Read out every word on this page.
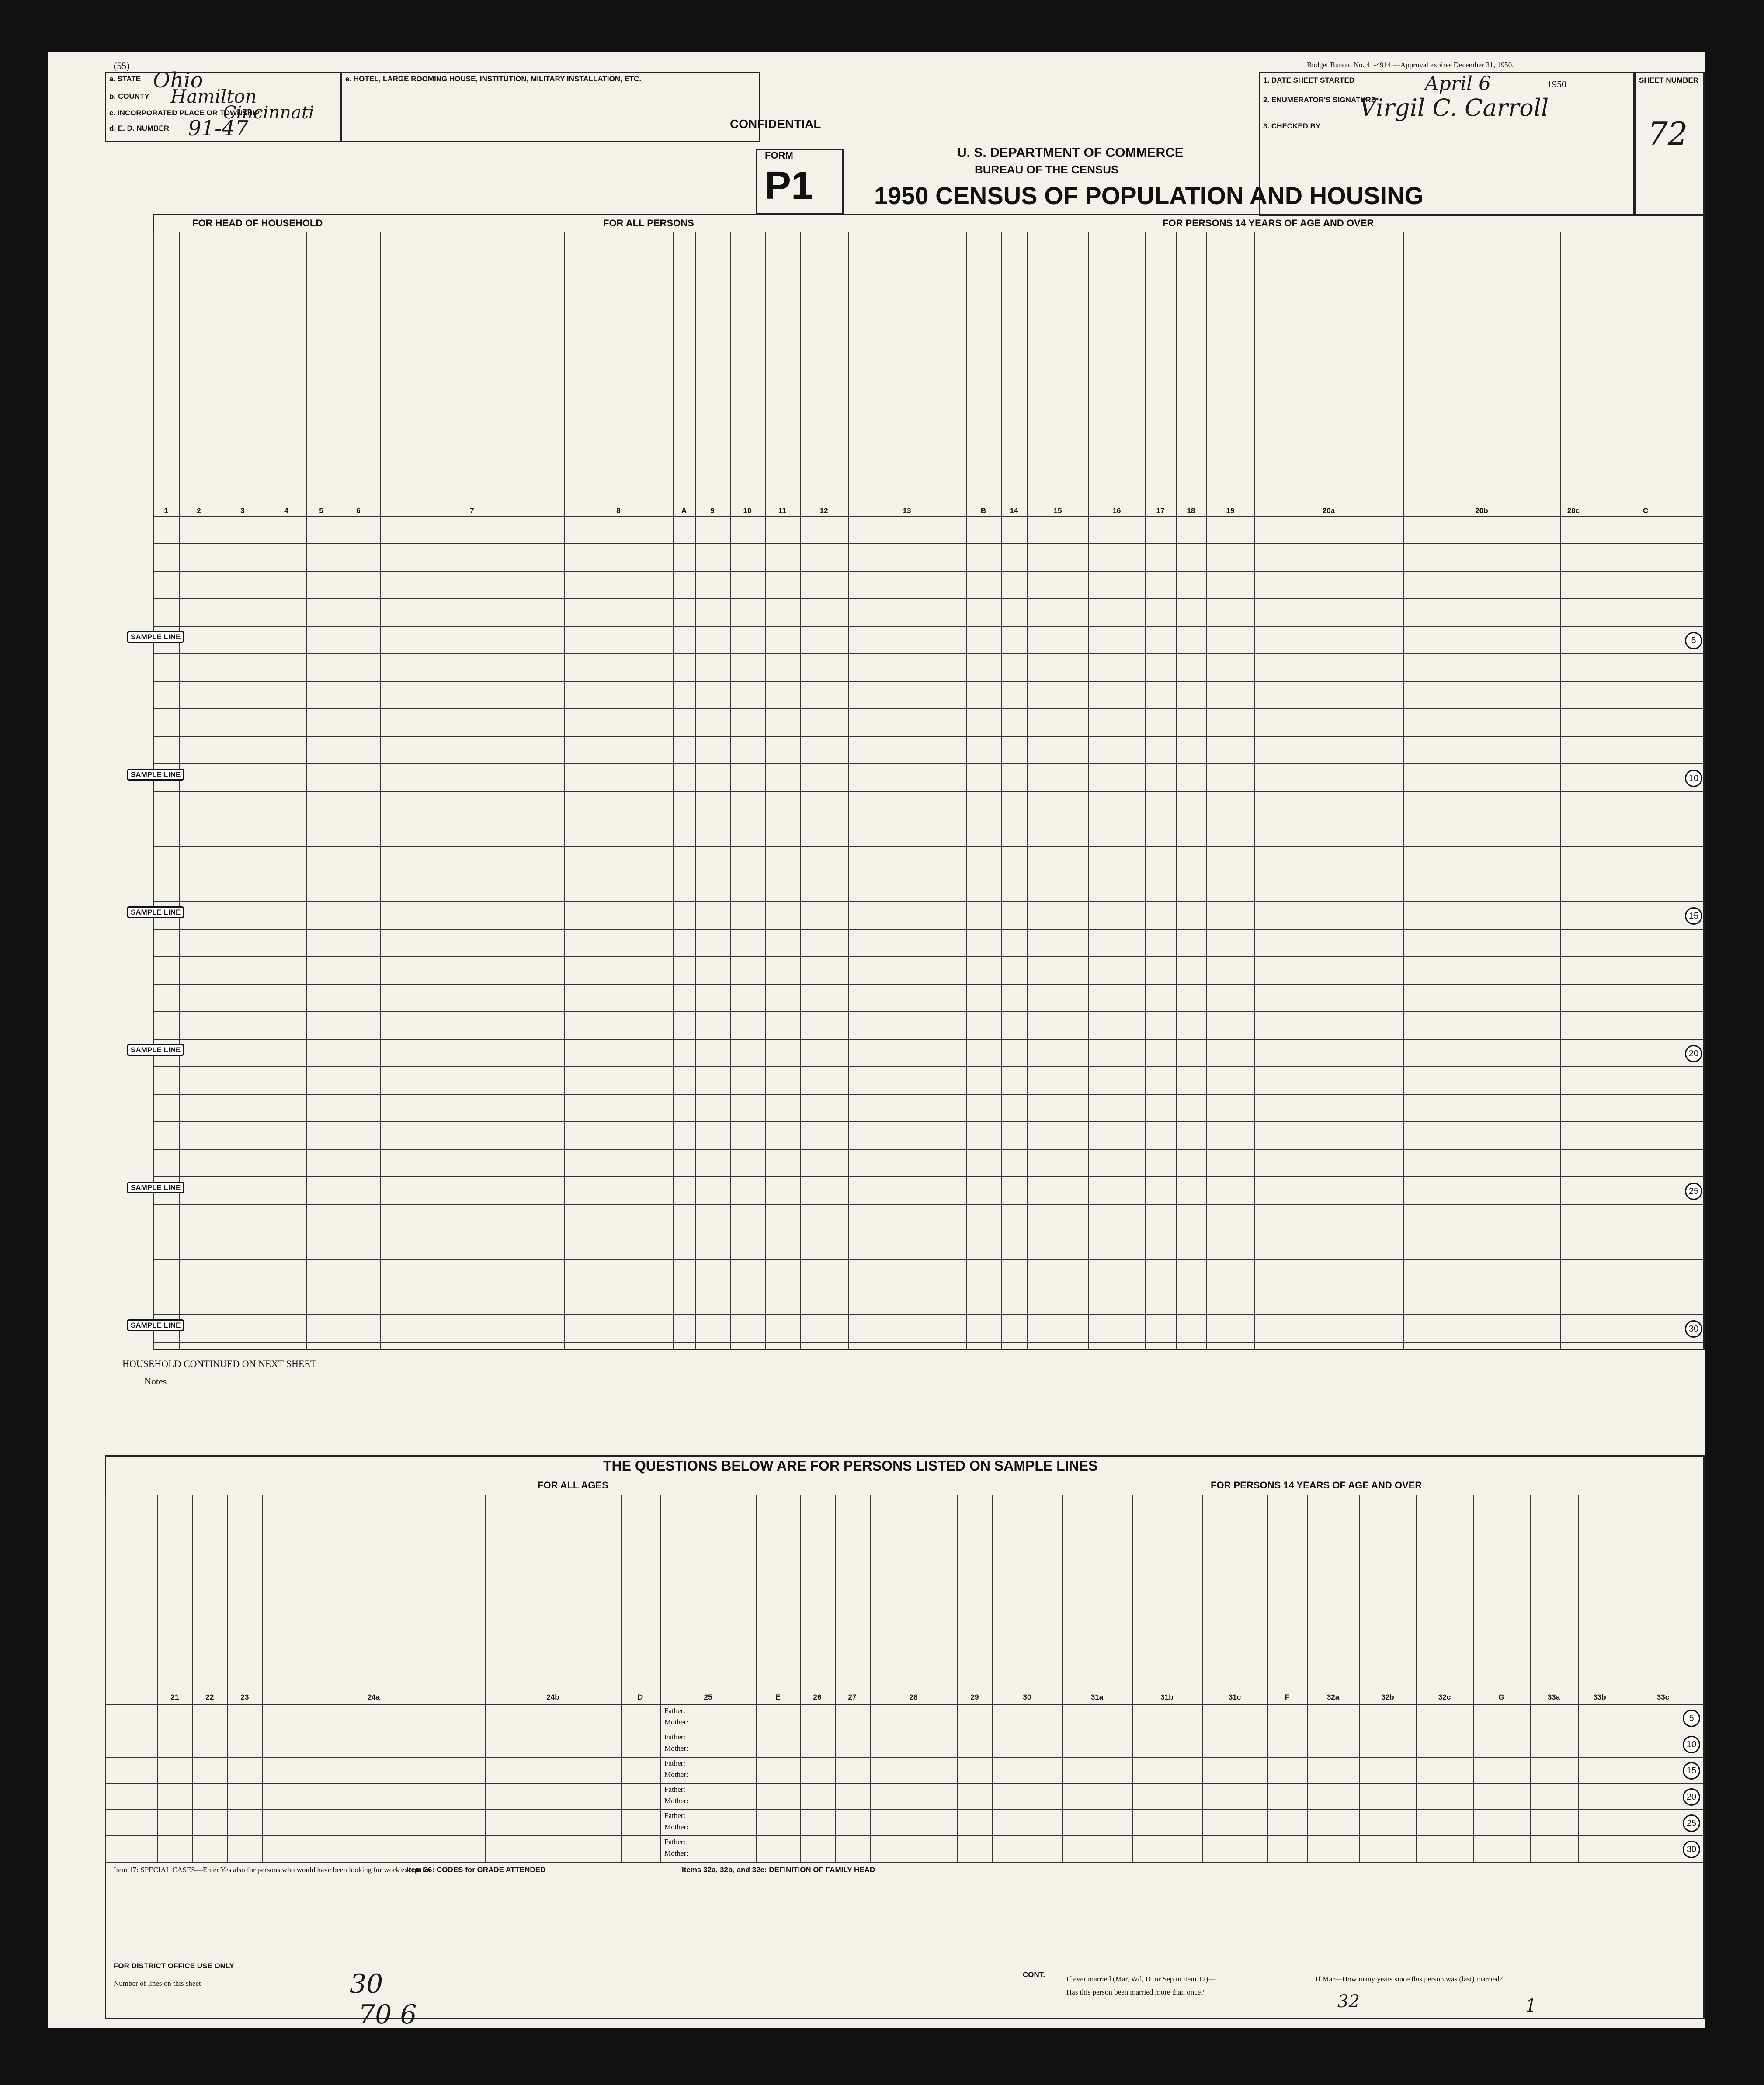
(55)	Budget Bureau No. 41-4914.—Approval expires December 31, 1950.
a. STATE Ohio
b. COUNTY Hamilton
c. INCORPORATED PLACE OR TOWNSHIP
Cincinnati
d. E. D. NUMBER 91-47
e. HOTEL, LARGE ROOMING HOUSE, INSTITUTION, MILITARY INSTALLATION, ETC.
CONFIDENTIAL
FORM
P1
U. S. DEPARTMENT OF COMMERCE
BUREAU OF THE CENSUS
1950 CENSUS OF POPULATION AND HOUSING
1. DATE SHEET STARTED	April 6	1950
2. ENUMERATOR'S SIGNATURE
Virgil C. Carroll
3. CHECKED BY
SHEET NUMBER
72
FOR HEAD OF HOUSEHOLD	FOR ALL PERSONS	FOR PERSONS 14 YEARS OF AGE AND OVER
HOUSEHOLD CONTINUED ON NEXT SHEET
Notes
THE QUESTIONS BELOW ARE FOR PERSONS LISTED ON SAMPLE LINES
FOR ALL AGES	FOR PERSONS 14 YEARS OF AGE AND OVER
Item 17: SPECIAL CASES—Enter Yes also for persons who would have been looking for work except for
Item 26: CODES for GRADE ATTENDED	Items 32a, 32b, and 32c: DEFINITION OF FAMILY HEAD
FOR DISTRICT OFFICE USE ONLY
Number of lines on this sheet	30
70 6
CONT.
If ever married (Mar, Wd, D, or Sep in item 12)—
Has this person been married more than once?
If Mar—How many years since this person was (last) married?
32	1
1	2	3	4	5	6	7	8	A	9	10	11	12	13	B	14	15	16	17	18	19	20a	20b	20c	C
5
SAMPLE LINE
10
SAMPLE LINE
15
SAMPLE LINE
20
SAMPLE LINE
25
SAMPLE LINE
30
SAMPLE LINE
21	22	23	24a	24b	D	25	E	26	27	28	29	30	31a	31b	31c	F	32a	32b	32c	G	33a	33b	33c
Father:
Mother:	5
Father:
Mother:	10
Father:
Mother:	15
Father:
Mother:	20
Father:
Mother:	25
Father:
Mother:	30
